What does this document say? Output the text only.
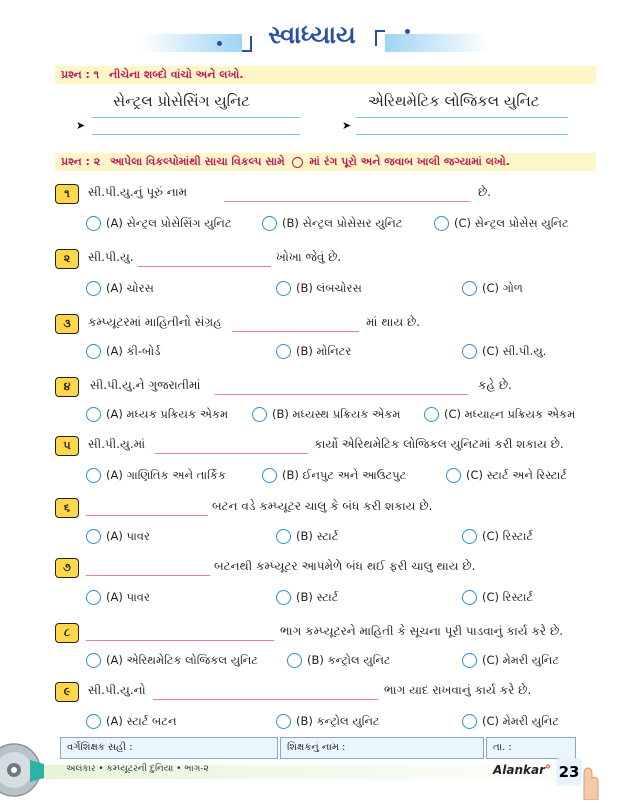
સ્વાધ્યાય
પ્રશ્ન : ૧ નીચેના શબ્દો વાંચો અને લખો.
સેન્ટ્રલ પ્રોસેસિંગ યુનિટ	એરિથમેટિક લોજિકલ યુનિટ
➤	➤
પ્રશ્ન : ૨ આપેલા વિકલ્પોમાંથી સાચા વિકલ્પ સામે માં રંગ પૂરો અને જવાબ ખાલી જગ્યામાં લખો.
૧	સી.પી.યુ.નું પૂરું નામ	છે.
(A) સેન્ટ્રલ પ્રોસેસિંગ યુનિટ	(B) સેન્ટ્રલ પ્રોસેસર યુનિટ	(C) સેન્ટ્રલ પ્રોસેસ યુનિટ
૨	સી.પી.યુ.	ખોખા જેવું છે.
(A) ચોરસ	(B) લંબચોરસ	(C) ગોળ
૩	કમ્પ્યૂટરમાં માહિતીનો સંગ્રહ	માં થાય છે.
(A) કી-બોર્ડ	(B) મોનિટર	(C) સી.પી.યુ.
૪	સી.પી.યુ.ને ગુજરાતીમાં	કહે છે.
(A) મધ્યક પ્રક્રિયક એકમ	(B) મધ્યસ્થ પ્રક્રિયક એકમ	(C) મધ્યાહ્ન પ્રક્રિયક એકમ
૫	સી.પી.યુ.માં	કાર્યો એરિથમેટિક લોજિકલ યુનિટમાં કરી શકાય છે.
(A) ગાણિતિક અને તાર્કિક	(B) ઈનપુટ અને આઉટપુટ	(C) સ્ટાર્ટ અને રિસ્ટાર્ટ
૬	બટન વડે કમ્પ્યૂટર ચાલુ કે બંધ કરી શકાય છે.
(A) પાવર	(B) સ્ટાર્ટ	(C) રિસ્ટાર્ટ
૭	બટનથી કમ્પ્યૂટર આપમેળે બંધ થઈ ફરી ચાલુ થાય છે.
(A) પાવર	(B) સ્ટાર્ટ	(C) રિસ્ટાર્ટ
૮	ભાગ કમ્પ્યૂટરને માહિતી કે સૂચના પૂરી પાડવાનું કાર્ય કરે છે.
(A) એરિથમેટિક લોજિકલ યુનિટ	(B) કન્ટ્રોલ યુનિટ	(C) મેમરી યુનિટ
૯	સી.પી.યુ.નો	ભાગ યાદ રાખવાનું કાર્ય કરે છે.
(A) સ્ટાર્ટ બટન	(B) કન્ટ્રોલ યુનિટ	(C) મેમરી યુનિટ
વર્ગશિક્ષક સહી :	શિક્ષકનું નામ :	તા. :
અલંકાર • કમ્પ્યૂટરની દુનિયા • ભાગ-૨	Alankar° 23
